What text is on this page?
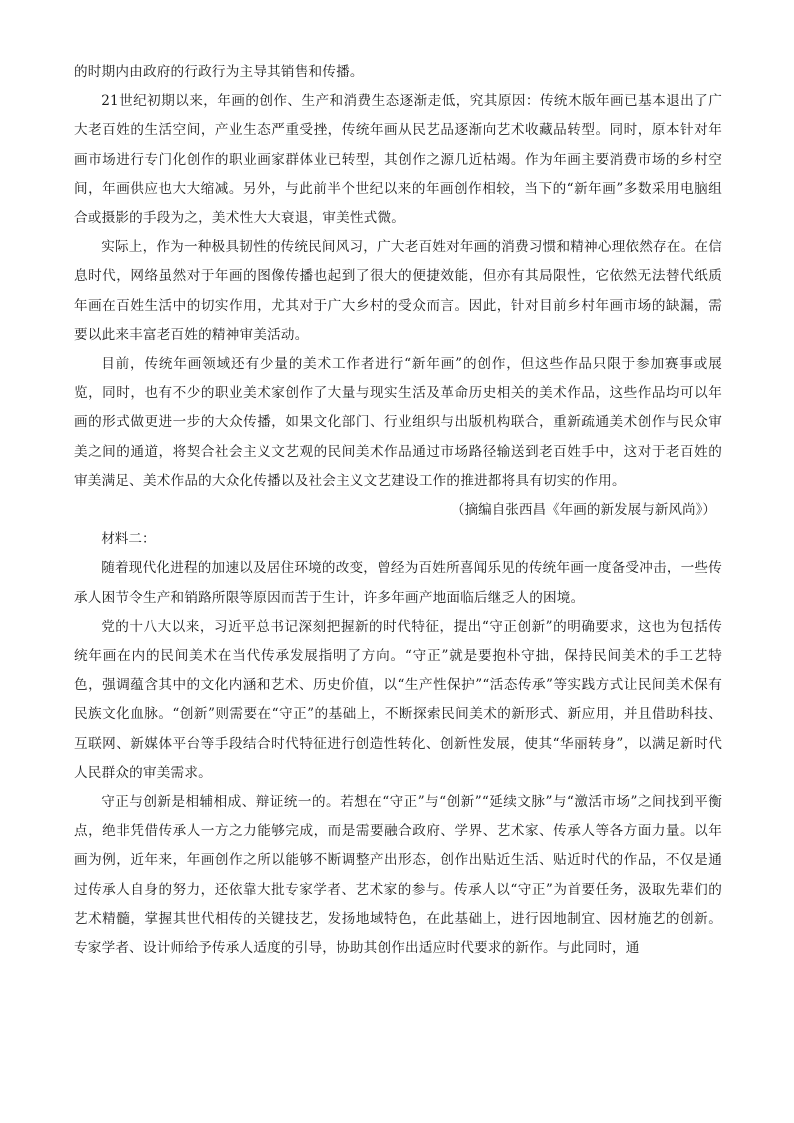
的时期内由政府的行政行为主导其销售和传播。

21世纪初期以来，年画的创作、生产和消费生态逐渐走低，究其原因：传统木版年画已基本退出了广大老百姓的生活空间，产业生态严重受挫，传统年画从民艺品逐渐向艺术收藏品转型。同时，原本针对年画市场进行专门化创作的职业画家群体业已转型，其创作之源几近枯竭。作为年画主要消费市场的乡村空间，年画供应也大大缩减。另外，与此前半个世纪以来的年画创作相较，当下的“新年画”多数采用电脑组合或摄影的手段为之，美术性大大衰退，审美性式微。

实际上，作为一种极具韧性的传统民间风习，广大老百姓对年画的消费习惯和精神心理依然存在。在信息时代，网络虽然对于年画的图像传播也起到了很大的便捷效能，但亦有其局限性，它依然无法替代纸质年画在百姓生活中的切实作用，尤其对于广大乡村的受众而言。因此，针对目前乡村年画市场的缺漏，需要以此来丰富老百姓的精神审美活动。

目前，传统年画领域还有少量的美术工作者进行“新年画”的创作，但这些作品只限于参加赛事或展览，同时，也有不少的职业美术家创作了大量与现实生活及革命历史相关的美术作品，这些作品均可以年画的形式做更进一步的大众传播，如果文化部门、行业组织与出版机构联合，重新疏通美术创作与民众审美之间的通道，将契合社会主义文艺观的民间美术作品通过市场路径输送到老百姓手中，这对于老百姓的审美满足、美术作品的大众化传播以及社会主义文艺建设工作的推进都将具有切实的作用。

（摘编自张西昌《年画的新发展与新风尚》）

材料二：

随着现代化进程的加速以及居住环境的改变，曾经为百姓所喜闻乐见的传统年画一度备受冲击，一些传承人困节令生产和销路所限等原因而苦于生计，许多年画产地面临后继乏人的困境。

党的十八大以来，习近平总书记深刻把握新的时代特征，提出“守正创新”的明确要求，这也为包括传统年画在内的民间美术在当代传承发展指明了方向。“守正”就是要抱朴守拙，保持民间美术的手工艺特色，强调蕴含其中的文化内涵和艺术、历史价值，以“生产性保护”“活态传承”等实践方式让民间美术保有民族文化血脉。“创新”则需要在“守正”的基础上，不断探索民间美术的新形式、新应用，并且借助科技、互联网、新媒体平台等手段结合时代特征进行创造性转化、创新性发展，使其“华丽转身”，以满足新时代人民群众的审美需求。

守正与创新是相辅相成、辩证统一的。若想在“守正”与“创新”“延续文脉”与“激活市场”之间找到平衡点，绝非凭借传承人一方之力能够完成，而是需要融合政府、学界、艺术家、传承人等各方面力量。以年画为例，近年来，年画创作之所以能够不断调整产出形态，创作出贴近生活、贴近时代的作品，不仅是通过传承人自身的努力，还依靠大批专家学者、艺术家的参与。传承人以“守正”为首要任务，汲取先辈们的艺术精髓，掌握其世代相传的关键技艺，发扬地域特色，在此基础上，进行因地制宜、因材施艺的创新。专家学者、设计师给予传承人适度的引导，协助其创作出适应时代要求的新作。与此同时，通
